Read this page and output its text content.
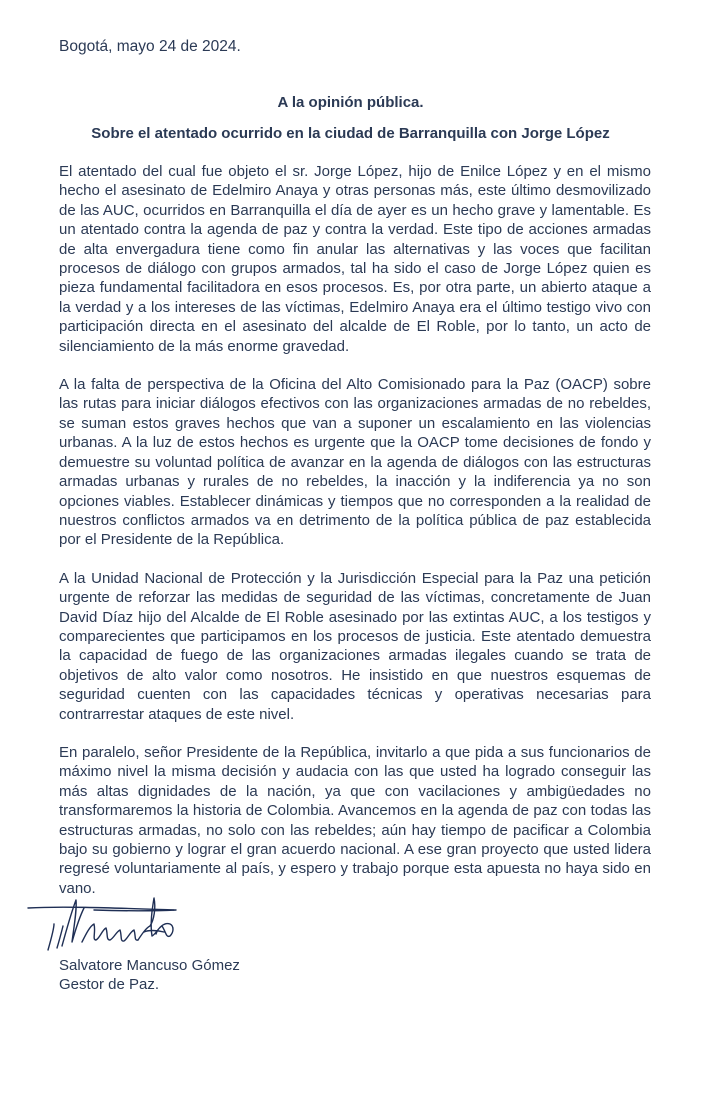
Bogotá, mayo 24 de 2024.
A la opinión pública.
Sobre el atentado ocurrido en la ciudad de Barranquilla con Jorge López

El atentado del cual fue objeto el sr. Jorge López, hijo de Enilce López y en el mismo hecho el asesinato de Edelmiro Anaya y otras personas más, este último desmovilizado de las AUC, ocurridos en Barranquilla el día de ayer es un hecho grave y lamentable. Es un atentado contra la agenda de paz y contra la verdad. Este tipo de acciones armadas de alta envergadura tiene como fin anular las alternativas y las voces que facilitan procesos de diálogo con grupos armados, tal ha sido el caso de Jorge López quien es pieza fundamental facilitadora en esos procesos. Es, por otra parte, un abierto ataque a la verdad y a los intereses de las víctimas, Edelmiro Anaya era el último testigo vivo con participación directa en el asesinato del alcalde de El Roble, por lo tanto, un acto de silenciamiento de la más enorme gravedad.

A la falta de perspectiva de la Oficina del Alto Comisionado para la Paz (OACP) sobre las rutas para iniciar diálogos efectivos con las organizaciones armadas de no rebeldes, se suman estos graves hechos que van a suponer un escalamiento en las violencias urbanas. A la luz de estos hechos es urgente que la OACP tome decisiones de fondo y demuestre su voluntad política de avanzar en la agenda de diálogos con las estructuras armadas urbanas y rurales de no rebeldes, la inacción y la indiferencia ya no son opciones viables. Establecer dinámicas y tiempos que no corresponden a la realidad de nuestros conflictos armados va en detrimento de la política pública de paz establecida por el Presidente de la República.

A la Unidad Nacional de Protección y la Jurisdicción Especial para la Paz una petición urgente de reforzar las medidas de seguridad de las víctimas, concretamente de Juan David Díaz hijo del Alcalde de El Roble asesinado por las extintas AUC, a los testigos y comparecientes que participamos en los procesos de justicia. Este atentado demuestra la capacidad de fuego de las organizaciones armadas ilegales cuando se trata de objetivos de alto valor como nosotros. He insistido en que nuestros esquemas de seguridad cuenten con las capacidades técnicas y operativas necesarias para contrarrestar ataques de este nivel.

En paralelo, señor Presidente de la República, invitarlo a que pida a sus funcionarios de máximo nivel la misma decisión y audacia con las que usted ha logrado conseguir las más altas dignidades de la nación, ya que con vacilaciones y ambigüedades no transformaremos la historia de Colombia. Avancemos en la agenda de paz con todas las estructuras armadas, no solo con las rebeldes; aún hay tiempo de pacificar a Colombia bajo su gobierno y lograr el gran acuerdo nacional. A ese gran proyecto que usted lidera regresé voluntariamente al país, y espero y trabajo porque esta apuesta no haya sido en vano.

Salvatore Mancuso Gómez
Gestor de Paz.
